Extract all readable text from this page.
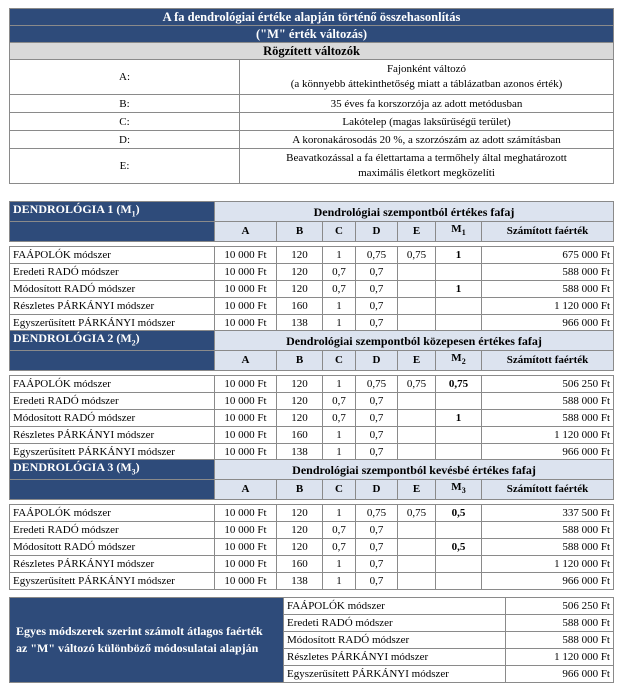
A fa dendrológiai értéke alapján történő összehasonlítás	
("M" érték változás)	
Rögzített változók	
A:	Fajonként változó
(a könnyebb áttekinthetőség miatt a táblázatban azonos érték)
B:	35 éves fa korszorzója az adott metódusban
C:	Lakótelep (magas laksűrűségű terület)
D:	A koronakárosodás 20 %, a szorzószám az adott számításban
E:	Beavatkozással a fa élettartama a termőhely által meghatározott
maximális életkort megközelíti
DENDROLÓGIA 1 $(M_1)$	Dendrológiai szempontból értékes fafaj						
	A	B	C	D	E	$M_1$	Számított faérték

FAÁPOLÓK módszer	10 000 Ft	120	1	0,75	0,75	1	675 000 Ft
Eredeti RADÓ módszer	10 000 Ft	120	0,7	0,7			588 000 Ft
Módosított RADÓ módszer	10 000 Ft	120	0,7	0,7		1	588 000 Ft
Részletes PÁRKÁNYI módszer	10 000 Ft	160	1	0,7			1 120 000 Ft
Egyszerűsített PÁRKÁNYI módszer	10 000 Ft	138	1	0,7			966 000 Ft
DENDROLÓGIA 2 $(M_2)$	Dendrológiai szempontból közepesen értékes fafaj						
	A	B	C	D	E	$M_2$	Számított faérték

FAÁPOLÓK módszer	10 000 Ft	120	1	0,75	0,75	0,75	506 250 Ft
Eredeti RADÓ módszer	10 000 Ft	120	0,7	0,7			588 000 Ft
Módosított RADÓ módszer	10 000 Ft	120	0,7	0,7		1	588 000 Ft
Részletes PÁRKÁNYI módszer	10 000 Ft	160	1	0,7			1 120 000 Ft
Egyszerűsített PÁRKÁNYI módszer	10 000 Ft	138	1	0,7			966 000 Ft
DENDROLÓGIA 3 $(M_3)$	Dendrológiai szempontból kevésbé értékes fafaj						
	A	B	C	D	E	$M_3$	Számított faérték

FAÁPOLÓK módszer	10 000 Ft	120	1	0,75	0,75	0,5	337 500 Ft
Eredeti RADÓ módszer	10 000 Ft	120	0,7	0,7			588 000 Ft
Módosított RADÓ módszer	10 000 Ft	120	0,7	0,7		0,5	588 000 Ft
Részletes PÁRKÁNYI módszer	10 000 Ft	160	1	0,7			1 120 000 Ft
Egyszerűsített PÁRKÁNYI módszer	10 000 Ft	138	1	0,7			966 000 Ft
Egyes módszerek szerint számolt átlagos faérték az "M" változó különböző módosulatai alapján	FAÁPOLÓK módszer	506 250 Ft
	Eredeti RADÓ módszer	588 000 Ft
	Módosított RADÓ módszer	588 000 Ft
	Részletes PÁRKÁNYI módszer	1 120 000 Ft
	Egyszerűsített PÁRKÁNYI módszer	966 000 Ft
